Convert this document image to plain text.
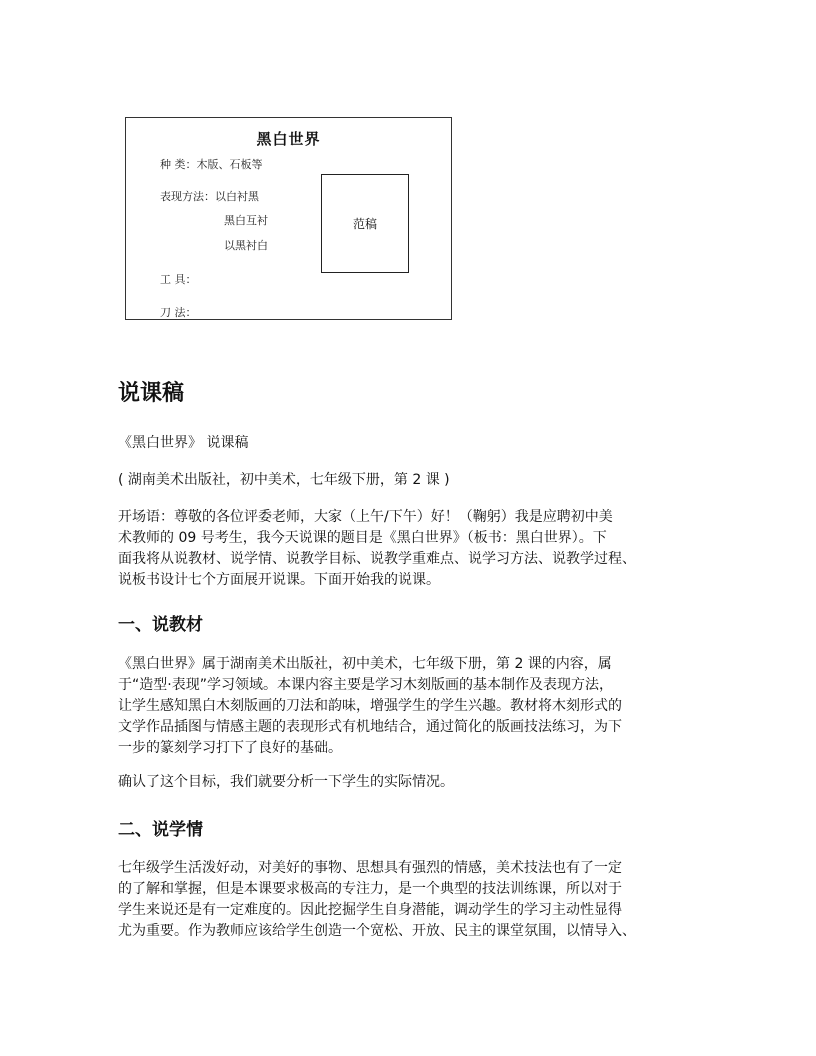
黑白世界
种 类：木版、石板等
表现方法：以白衬黑
黑白互衬
以黑衬白
工 具：
刀 法：
范稿
说课稿

《黑白世界》 说课稿

( 湖南美术出版社，初中美术，七年级下册，第 2 课 )

开场语：尊敬的各位评委老师，大家（上午/下午）好！（鞠躬）我是应聘初中美
术教师的 09 号考生，我今天说课的题目是《黑白世界》（板书：黑白世界）。下
面我将从说教材、说学情、说教学目标、说教学重难点、说学习方法、说教学过程、
说板书设计七个方面展开说课。下面开始我的说课。
一、说教材
《黑白世界》属于湖南美术出版社，初中美术，七年级下册，第 2 课的内容，属
于“造型·表现”学习领域。本课内容主要是学习木刻版画的基本制作及表现方法，
让学生感知黑白木刻版画的刀法和韵味，增强学生的学生兴趣。教材将木刻形式的
文学作品插图与情感主题的表现形式有机地结合，通过简化的版画技法练习，为下
一步的篆刻学习打下了良好的基础。

确认了这个目标，我们就要分析一下学生的实际情况。

二、说学情
七年级学生活泼好动，对美好的事物、思想具有强烈的情感，美术技法也有了一定
的了解和掌握，但是本课要求极高的专注力，是一个典型的技法训练课，所以对于
学生来说还是有一定难度的。因此挖掘学生自身潜能，调动学生的学习主动性显得
尤为重要。作为教师应该给学生创造一个宽松、开放、民主的课堂氛围，以情导入、
